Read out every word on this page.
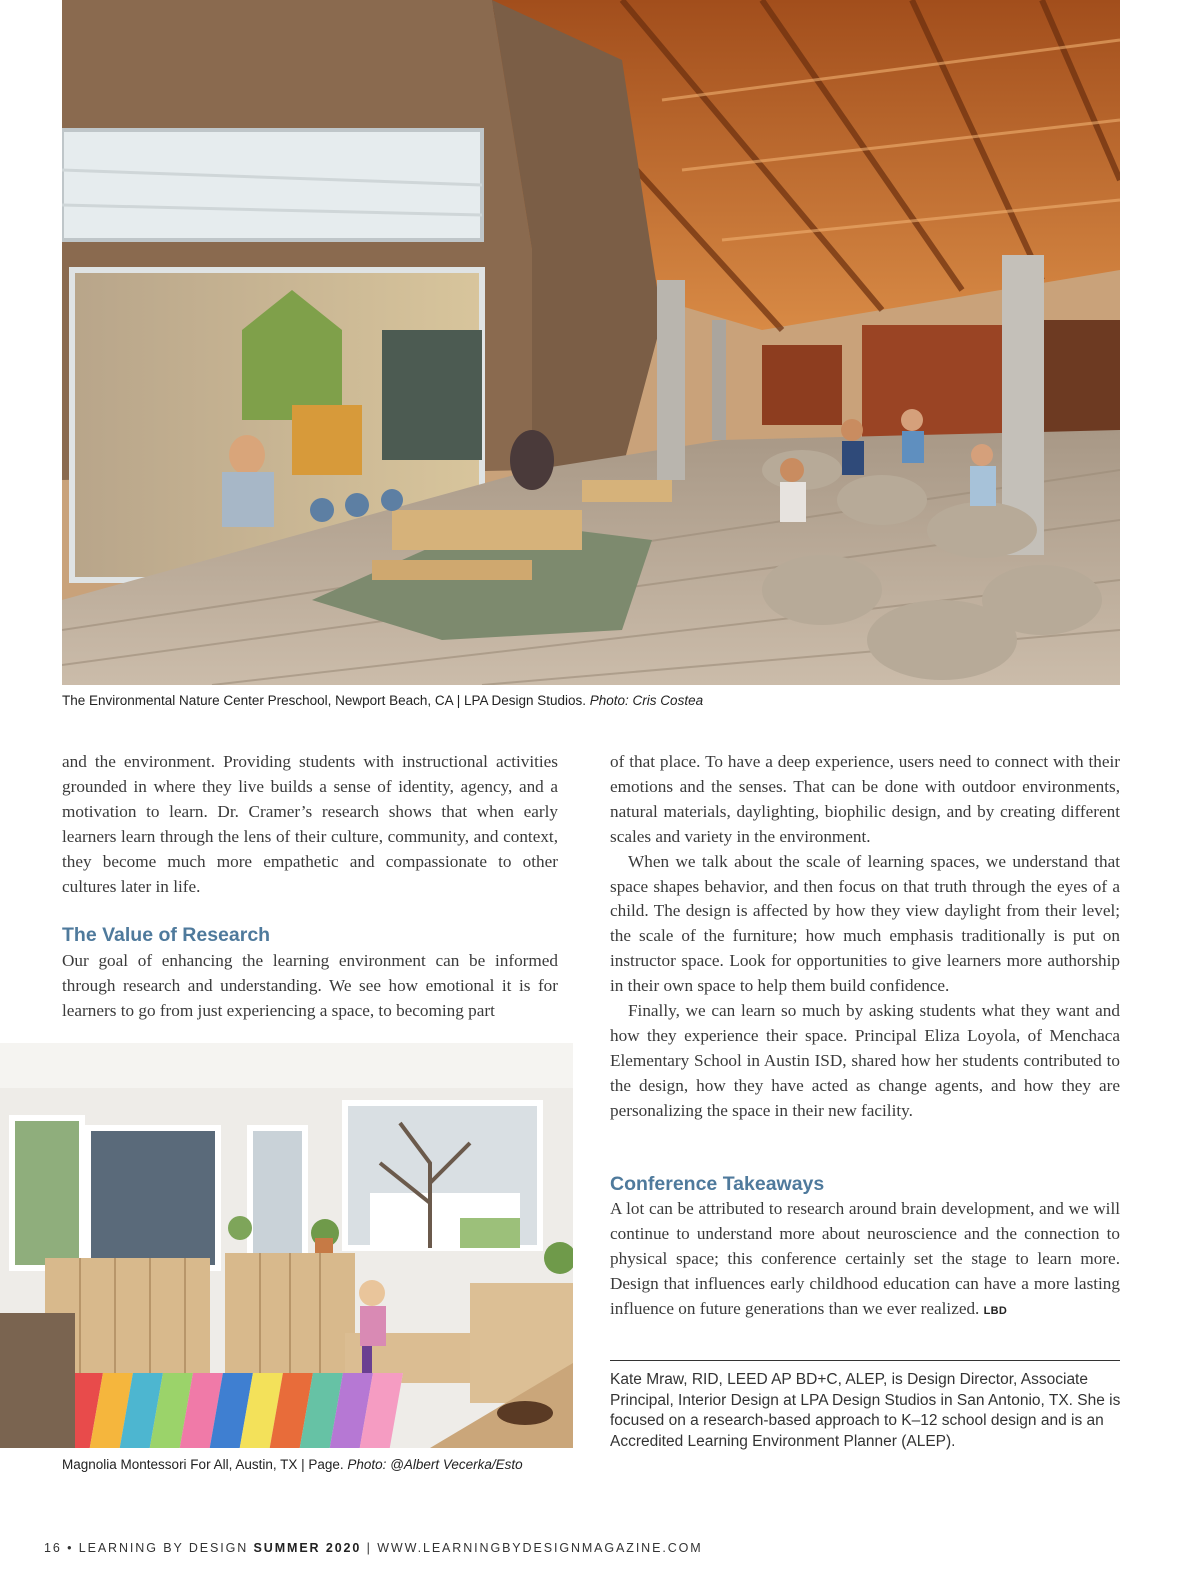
The Environmental Nature Center Preschool, Newport Beach, CA | LPA Design Studios. Photo: Cris Costea

and the environment. Providing students with instructional activities grounded in where they live builds a sense of identity, agency, and a motivation to learn. Dr. Cramer’s research shows that when early learners learn through the lens of their culture, community, and context, they become much more empathetic and compassionate to other cultures later in life.

The Value of Research

Our goal of enhancing the learning environment can be informed through research and understanding. We see how emotional it is for learners to go from just experiencing a space, to becoming part

Magnolia Montessori For All, Austin, TX | Page. Photo: @Albert Vecerka/Esto

of that place. To have a deep experience, users need to connect with their emotions and the senses. That can be done with outdoor environments, natural materials, daylighting, biophilic design, and by creating different scales and variety in the environment.

When we talk about the scale of learning spaces, we understand that space shapes behavior, and then focus on that truth through the eyes of a child. The design is affected by how they view daylight from their level; the scale of the furniture; how much emphasis traditionally is put on instructor space. Look for opportunities to give learners more authorship in their own space to help them build confidence.

Finally, we can learn so much by asking students what they want and how they experience their space. Principal Eliza Loyola, of Menchaca Elementary School in Austin ISD, shared how her students contributed to the design, how they have acted as change agents, and how they are personalizing the space in their new facility.

Conference Takeaways

A lot can be attributed to research around brain development, and we will continue to understand more about neuroscience and the connection to physical space; this conference certainly set the stage to learn more. Design that influences early childhood education can have a more lasting influence on future generations than we ever realized. LBD

Kate Mraw, RID, LEED AP BD+C, ALEP, is Design Director, Associate Principal, Interior Design at LPA Design Studios in San Antonio, TX. She is focused on a research-based approach to K–12 school design and is an Accredited Learning Environment Planner (ALEP).

16 • LEARNING BY DESIGN SUMMER 2020 | WWW.LEARNINGBYDESIGNMAGAZINE.COM
